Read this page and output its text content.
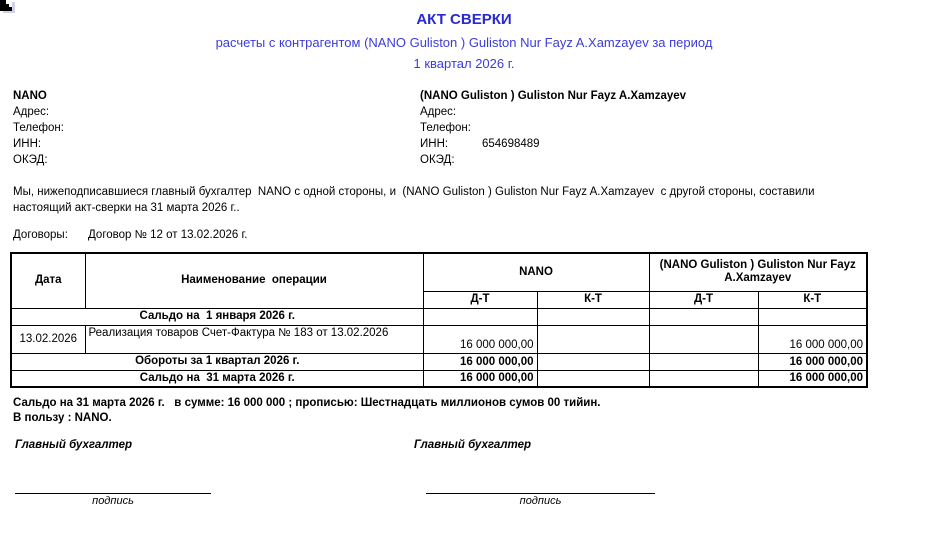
АКТ СВЕРКИ
расчеты с контрагентом (NANO Guliston ) Guliston Nur Fayz A.Xamzayev за период
1 квартал 2026 г.
NANO
Адрес:
Телефон:
ИНН:
ОКЭД:
(NANO Guliston ) Guliston Nur Fayz A.Xamzayev
Адрес:
Телефон:
ИНН:	654698489
ОКЭД:
Мы, нижеподписавшиеся главный бухгалтер  NANO с одной стороны, и  (NANO Guliston ) Guliston Nur Fayz A.Xamzayev  с другой стороны, составили настоящий акт-сверки на 31 марта 2026 г..
Договоры:	Договор № 12 от 13.02.2026 г.
Дата	Наименование  операции	NANO		(NANO Guliston ) Guliston Nur Fayz A.Xamzayev	
		Д-Т	К-Т	Д-Т	К-Т
Сальдо на  1 января 2026 г.					
13.02.2026	Реализация товаров Счет-Фактура № 183 от 13.02.2026	16 000 000,00			16 000 000,00
Обороты за 1 квартал 2026 г.		16 000 000,00			16 000 000,00
Сальдо на  31 марта 2026 г.		16 000 000,00			16 000 000,00
Сальдо на 31 марта 2026 г.   в сумме: 16 000 000 ; прописью: Шестнадцать миллионов сумов 00 тийин.
В пользу : NANO.
Главный бухгалтер	Главный бухгалтер
подпись	подпись
